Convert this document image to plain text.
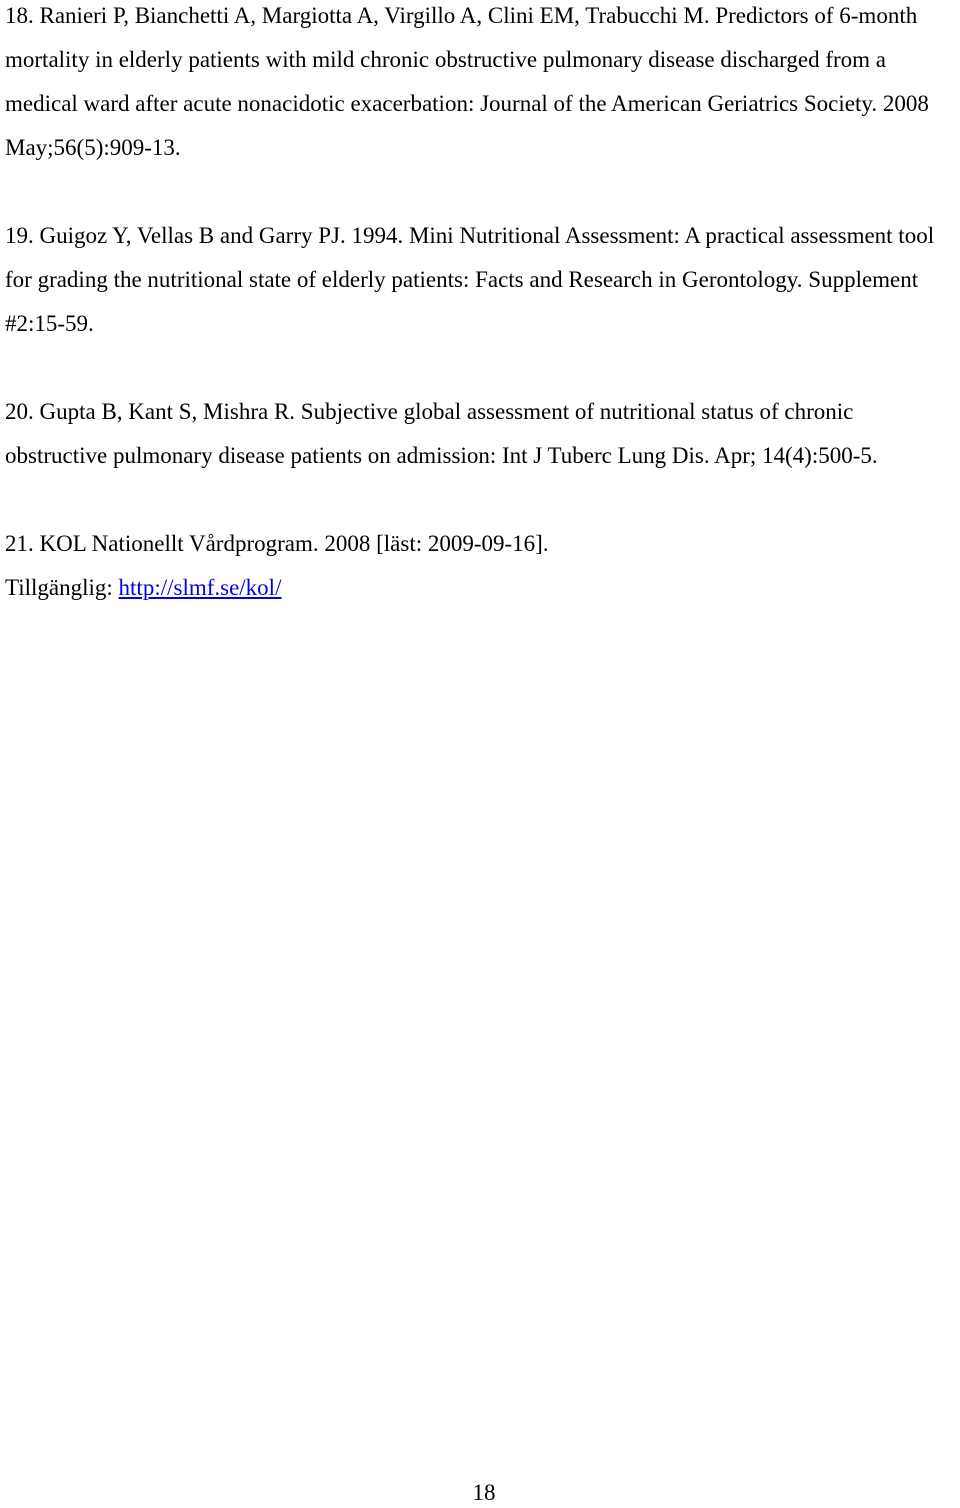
18. Ranieri P, Bianchetti A, Margiotta A, Virgillo A, Clini EM, Trabucchi M. Predictors of 6-month mortality in elderly patients with mild chronic obstructive pulmonary disease discharged from a medical ward after acute nonacidotic exacerbation: Journal of the American Geriatrics Society. 2008 May;56(5):909-13.

19. Guigoz Y, Vellas B and Garry PJ. 1994. Mini Nutritional Assessment: A practical assessment tool for grading the nutritional state of elderly patients: Facts and Research in Gerontology. Supplement #2:15-59.

20. Gupta B, Kant S, Mishra R. Subjective global assessment of nutritional status of chronic obstructive pulmonary disease patients on admission: Int J Tuberc Lung Dis. Apr; 14(4):500-5.

21. KOL Nationellt Vårdprogram. 2008 [läst: 2009-09-16].
Tillgänglig: http://slmf.se/kol/

18
